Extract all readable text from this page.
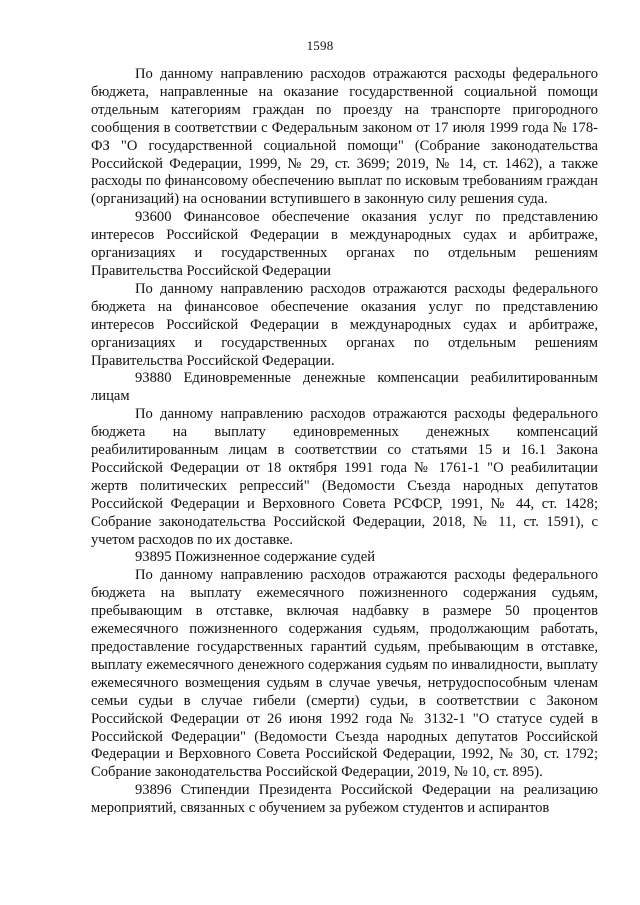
1598

По данному направлению расходов отражаются расходы федерального бюджета, направленные на оказание государственной социальной помощи отдельным категориям граждан по проезду на транспорте пригородного сообщения в соответствии с Федеральным законом от 17 июля 1999 года № 178-ФЗ "О государственной социальной помощи" (Собрание законодательства Российской Федерации, 1999, № 29, ст. 3699; 2019, № 14, ст. 1462), а также расходы по финансовому обеспечению выплат по исковым требованиям граждан (организаций) на основании вступившего в законную силу решения суда.

93600 Финансовое обеспечение оказания услуг по представлению интересов Российской Федерации в международных судах и арбитраже, организациях и государственных органах по отдельным решениям Правительства Российской Федерации

По данному направлению расходов отражаются расходы федерального бюджета на финансовое обеспечение оказания услуг по представлению интересов Российской Федерации в международных судах и арбитраже, организациях и государственных органах по отдельным решениям Правительства Российской Федерации.

93880 Единовременные денежные компенсации реабилитированным лицам

По данному направлению расходов отражаются расходы федерального бюджета на выплату единовременных денежных компенсаций реабилитированным лицам в соответствии со статьями 15 и 16.1 Закона Российской Федерации от 18 октября 1991 года № 1761-1 "О реабилитации жертв политических репрессий" (Ведомости Съезда народных депутатов Российской Федерации и Верховного Совета РСФСР, 1991, № 44, ст. 1428; Собрание законодательства Российской Федерации, 2018, № 11, ст. 1591), с учетом расходов по их доставке.

93895 Пожизненное содержание судей

По данному направлению расходов отражаются расходы федерального бюджета на выплату ежемесячного пожизненного содержания судьям, пребывающим в отставке, включая надбавку в размере 50 процентов ежемесячного пожизненного содержания судьям, продолжающим работать, предоставление государственных гарантий судьям, пребывающим в отставке, выплату ежемесячного денежного содержания судьям по инвалидности, выплату ежемесячного возмещения судьям в случае увечья, нетрудоспособным членам семьи судьи в случае гибели (смерти) судьи, в соответствии с Законом Российской Федерации от 26 июня 1992 года № 3132-1 "О статусе судей в Российской Федерации" (Ведомости Съезда народных депутатов Российской Федерации и Верховного Совета Российской Федерации, 1992, № 30, ст. 1792; Собрание законодательства Российской Федерации, 2019, № 10, ст. 895).

93896 Стипендии Президента Российской Федерации на реализацию мероприятий, связанных с обучением за рубежом студентов и аспирантов
